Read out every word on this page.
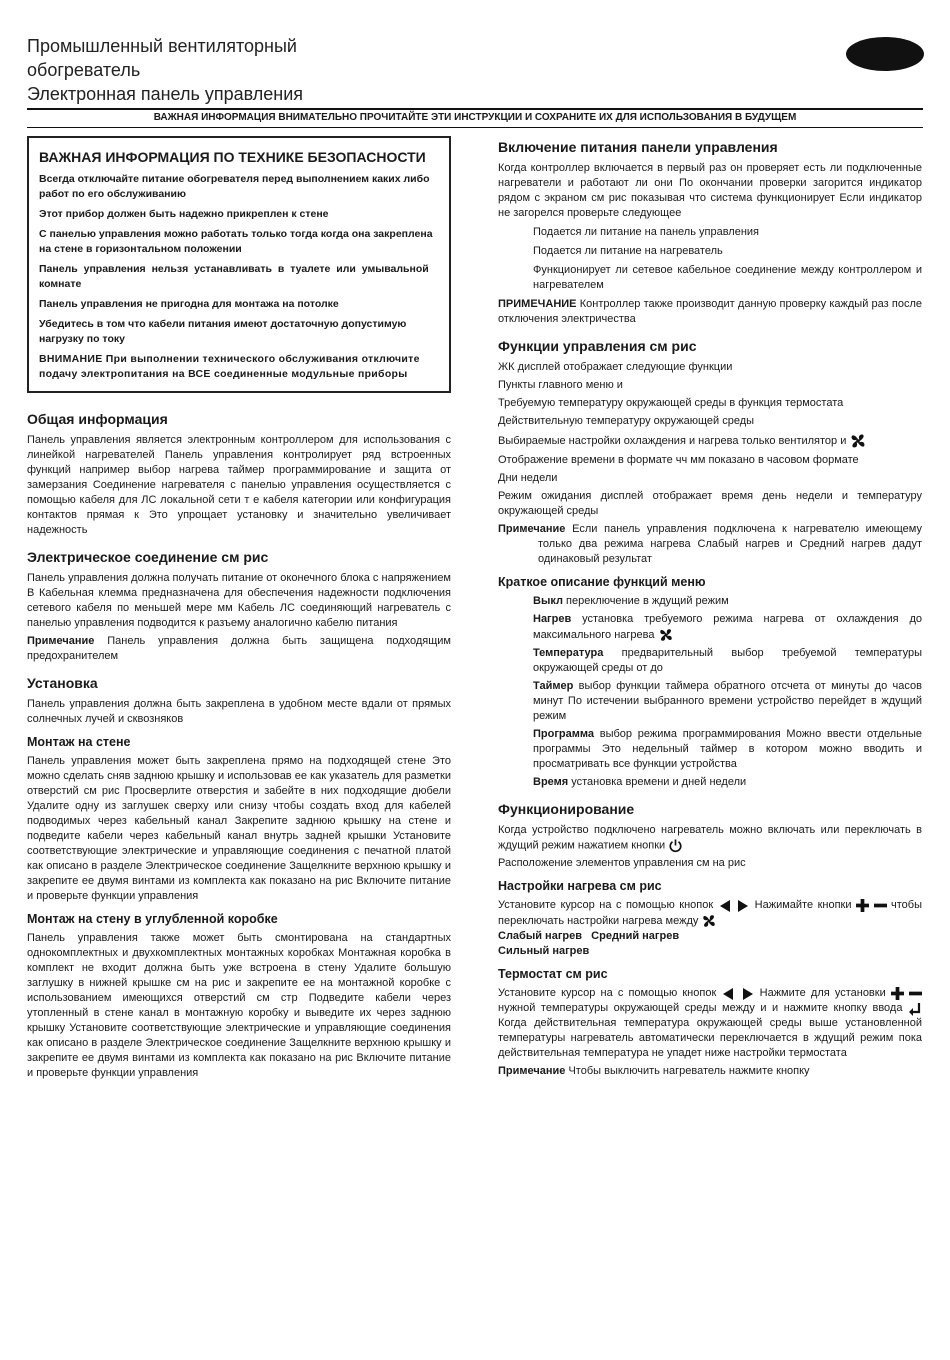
Промышленный вентиляторный
обогреватель
Электронная панель управления
ВАЖНАЯ ИНФОРМАЦИЯ ВНИМАТЕЛЬНО ПРОЧИТАЙТЕ ЭТИ ИНСТРУКЦИИ И СОХРАНИТЕ ИХ ДЛЯ ИСПОЛЬЗОВАНИЯ В БУДУЩЕМ
ВАЖНАЯ ИНФОРМАЦИЯ ПО ТЕХНИКЕ БЕЗОПАСНОСТИ

Всегда отключайте питание обогревателя перед выполнением каких либо работ по его обслуживанию

Этот прибор должен быть надежно прикреплен к стене

С панелью управления можно работать только тогда когда она закреплена на стене в горизонтальном положении

Панель управления нельзя устанавливать в туалете или умывальной комнате

Панель управления не пригодна для монтажа на потолке

Убедитесь в том что кабели питания имеют достаточную допустимую нагрузку по току

ВНИМАНИЕ При выполнении технического обслуживания отключите подачу электропитания на ВСЕ соединенные модульные приборы

Общая информация

Панель управления является электронным контроллером для использования с линейкой нагревателей Панель управления контролирует ряд встроенных функций например выбор нагрева таймер программирование и защита от замерзания Соединение нагревателя с панелью управления осуществляется с помощью кабеля для ЛС локальной сети т е кабеля категории или конфигурация контактов прямая к Это упрощает установку и значительно увеличивает надежность

Электрическое соединение см рис

Панель управления должна получать питание от оконечного блока с напряжением В Кабельная клемма предназначена для обеспечения надежности подключения сетевого кабеля по меньшей мере мм Кабель ЛС соединяющий нагреватель с панелью управления подводится к разъему аналогично кабелю питания

Примечание Панель управления должна быть защищена подходящим предохранителем

Установка

Панель управления должна быть закреплена в удобном месте вдали от прямых солнечных лучей и сквозняков

Монтаж на стене

Панель управления может быть закреплена прямо на подходящей стене Это можно сделать сняв заднюю крышку и использовав ее как указатель для разметки отверстий см рис Просверлите отверстия и забейте в них подходящие дюбели Удалите одну из заглушек сверху или снизу чтобы создать вход для кабелей подводимых через кабельный канал Закрепите заднюю крышку на стене и подведите кабели через кабельный канал внутрь задней крышки Установите соответствующие электрические и управляющие соединения с печатной платой как описано в разделе Электрическое соединение Защелкните верхнюю крышку и закрепите ее двумя винтами из комплекта как показано на рис Включите питание и проверьте функции управления

Монтаж на стену в углубленной коробке

Панель управления также может быть смонтирована на стандартных однокомплектных и двухкомплектных монтажных коробках Монтажная коробка в комплект не входит должна быть уже встроена в стену Удалите большую заглушку в нижней крышке см на рис и закрепите ее на монтажной коробке с использованием имеющихся отверстий см стр Подведите кабели через утопленный в стене канал в монтажную коробку и выведите их через заднюю крышку Установите соответствующие электрические и управляющие соединения как описано в разделе Электрическое соединение Защелкните верхнюю крышку и закрепите ее двумя винтами из комплекта как показано на рис Включите питание и проверьте функции управления

Включение питания панели управления

Когда контроллер включается в первый раз он проверяет есть ли подключенные нагреватели и работают ли они По окончании проверки загорится индикатор рядом с экраном см рис показывая что система функционирует Если индикатор не загорелся проверьте следующее

Подается ли питание на панель управления

Подается ли питание на нагреватель

Функционирует ли сетевое кабельное соединение между контроллером и нагревателем

ПРИМЕЧАНИЕ Контроллер также производит данную проверку каждый раз после отключения электричества

Функции управления см рис

ЖК дисплей отображает следующие функции

Пункты главного меню и

Требуемую температуру окружающей среды в функция термостата

Действительную температуру окружающей среды

Выбираемые настройки охлаждения и нагрева только вентилятор и

Отображение времени в формате чч мм показано в часовом формате

Дни недели

Режим ожидания дисплей отображает время день недели и температуру окружающей среды

Примечание Если панель управления подключена к нагревателю имеющему только два режима нагрева Слабый нагрев и Средний нагрев дадут одинаковый результат

Краткое описание функций меню

Выкл переключение в ждущий режим

Нагрев установка требуемого режима нагрева от охлаждения до максимального нагрева

Температура предварительный выбор требуемой температуры окружающей среды от до

Таймер выбор функции таймера обратного отсчета от минуты до часов минут По истечении выбранного времени устройство перейдет в ждущий режим

Программа выбор режима программирования Можно ввести отдельные программы Это недельный таймер в котором можно вводить и просматривать все функции устройства

Время установка времени и дней недели

Функционирование

Когда устройство подключено нагреватель можно включать или переключать в ждущий режим нажатием кнопки

Расположение элементов управления см на рис

Настройки нагрева см рис

Установите курсор на с помощью кнопок	Нажимайте кнопки	чтобы переключать настройки нагрева между
Слабый нагрев Средний нагрев
Сильный нагрев

Термостат см рис

Установите курсор на с помощью кнопок	Нажмите для установки   нужной температуры окружающей среды между и и нажмите кнопку ввода  Когда действительная температура окружающей среды выше установленной температуры нагреватель автоматически переключается в ждущий режим пока действительная температура не упадет ниже настройки термостата

Примечание Чтобы выключить нагреватель нажмите кнопку
